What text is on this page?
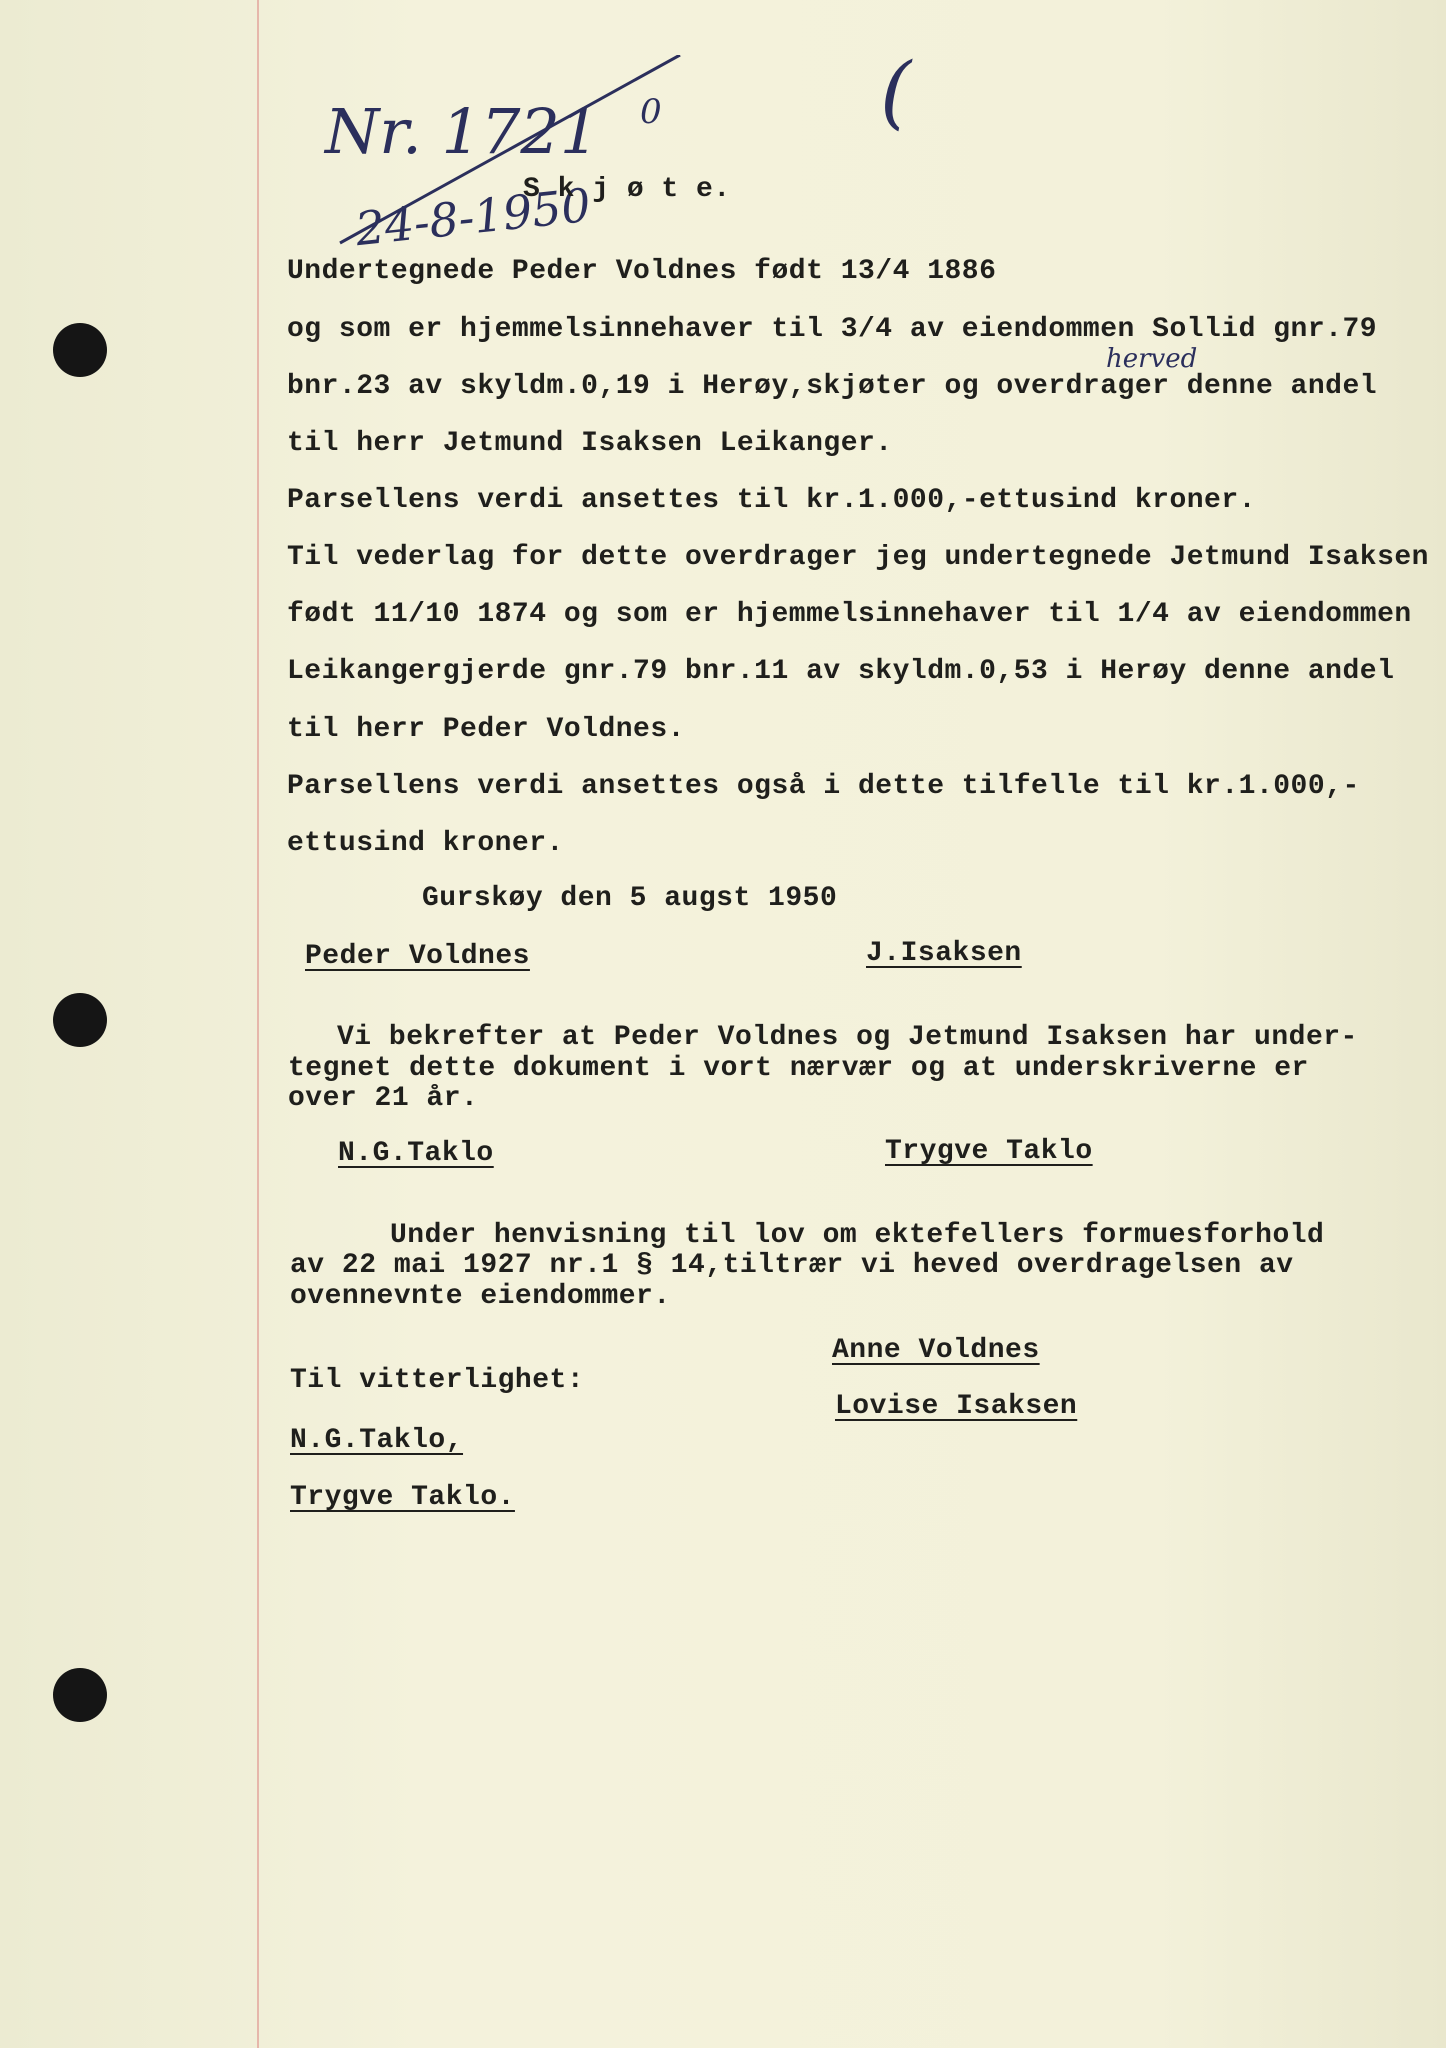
Nr. 1721 0
24-8-1950
(
herved
S k j ø t e.
Undertegnede Peder Voldnes født 13/4 1886
og som er hjemmelsinnehaver til 3/4 av eiendommen Sollid gnr.79
bnr.23 av skyldm.0,19 i Herøy,skjøter og overdrager denne andel
til herr Jetmund Isaksen Leikanger.
Parsellens verdi ansettes til kr.1.000,-ettusind kroner.
Til vederlag for dette overdrager jeg undertegnede Jetmund Isaksen
født 11/10 1874 og som er hjemmelsinnehaver til 1/4 av eiendommen
Leikangergjerde gnr.79 bnr.11 av skyldm.0,53 i Herøy denne andel
til herr Peder Voldnes.
Parsellens verdi ansettes også i dette tilfelle til kr.1.000,-
ettusind kroner.
Gurskøy den 5 augst 1950
Peder Voldnes	J.Isaksen
Vi bekrefter at Peder Voldnes og Jetmund Isaksen har under-
tegnet dette dokument i vort nærvær og at underskriverne er
over 21 år.
N.G.Taklo	Trygve Taklo
Under henvisning til lov om ektefellers formuesforhold
av 22 mai 1927 nr.1 § 14,tiltrær vi heved overdragelsen av
ovennevnte eiendommer.
Anne Voldnes
Lovise Isaksen
Til vitterlighet:
N.G.Taklo,
Trygve Taklo.
